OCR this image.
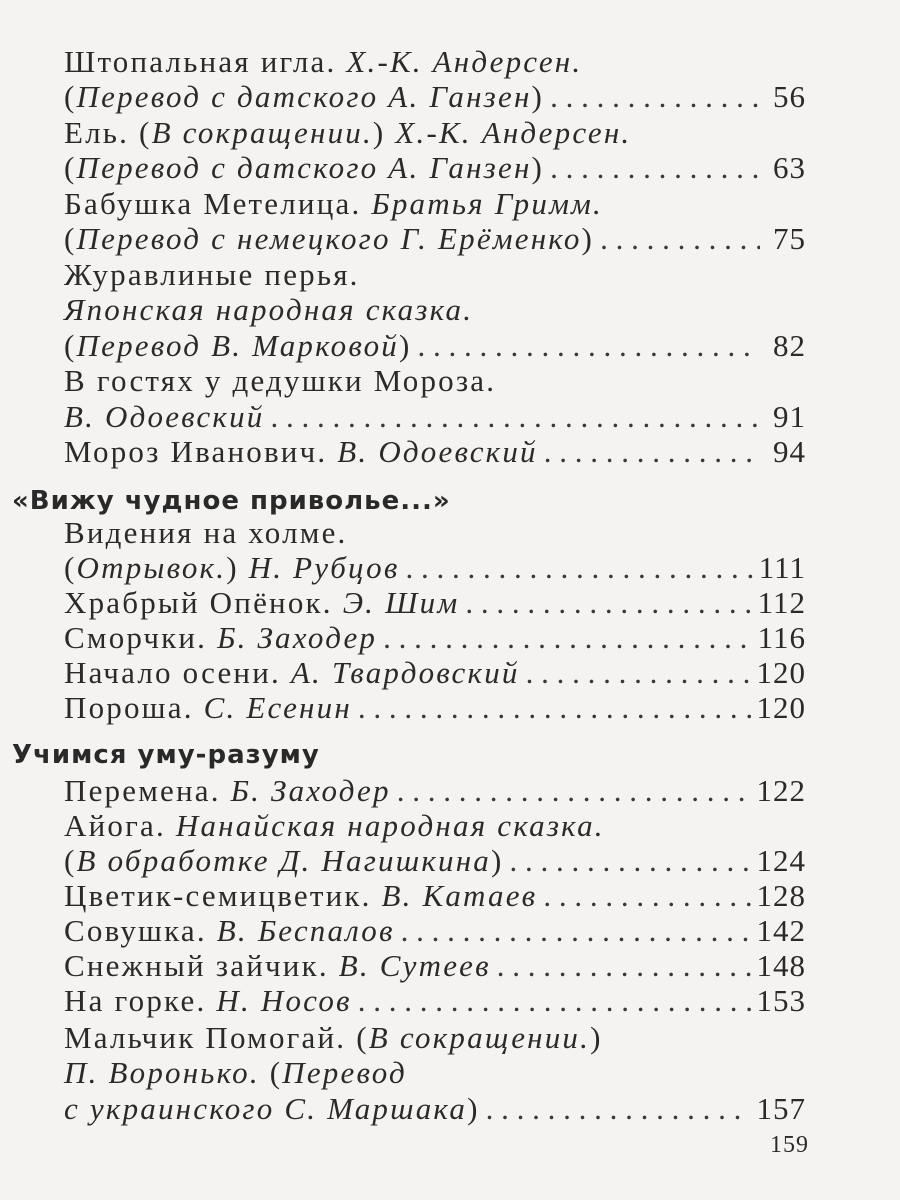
Штопальная игла. Х.-К. Андерсен.
(Перевод с датского А. Ганзен) . . .	56
Ель. (В сокращении.) Х.-К. Андерсен.
(Перевод с датского А. Ганзен) . . .	63
Бабушка Метелица. Братья Гримм.
(Перевод с немецкого Г. Ерёменко) . . .	75
Журавлиные перья.
Японская народная сказка.
(Перевод В. Марковой) . . .	82
В гостях у дедушки Мороза.
В. Одоевский . . .	91
Мороз Иванович. В. Одоевский . . .	94
«Вижу чудное приволье...»
Видения на холме.
(Отрывок.) Н. Рубцов . . .	111
Храбрый Опёнок. Э. Шим . . .	112
Сморчки. Б. Заходер . . .	116
Начало осени. А. Твардовский . . .	120
Пороша. С. Есенин . . .	120
Учимся уму-разуму
Перемена. Б. Заходер . . .	122
Айога. Нанайская народная сказка.
(В обработке Д. Нагишкина) . . .	124
Цветик-семицветик. В. Катаев . . .	128
Совушка. В. Беспалов . . .	142
Снежный зайчик. В. Сутеев . . .	148
На горке. Н. Носов . . .	153
Мальчик Помогай. (В сокращении.)
П. Воронько. (Перевод
с украинского С. Маршака) . . .	157
159
